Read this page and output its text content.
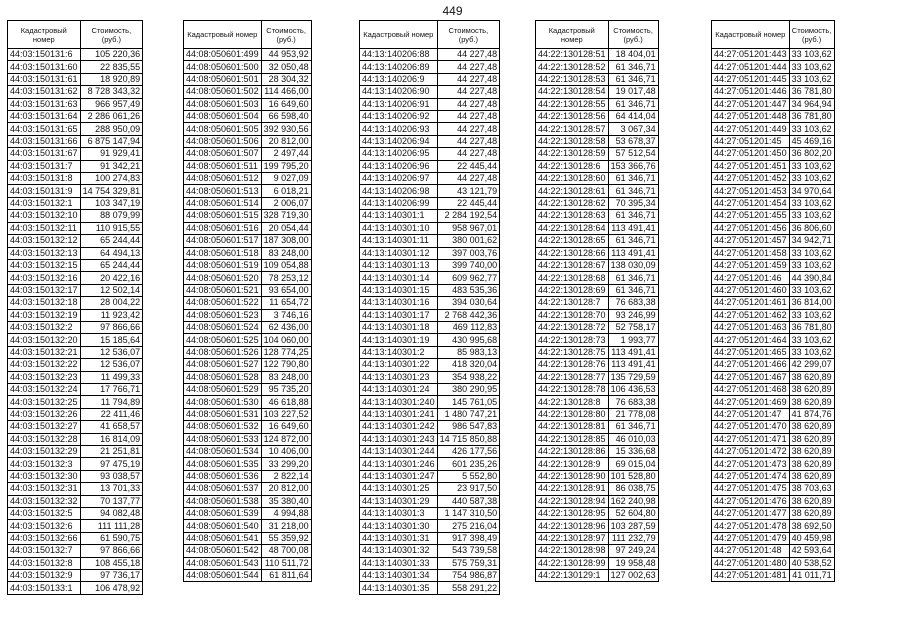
449
Кадастровый номер	Стоимость, (руб.)
44:03:150131:6	105 220,36
44:03:150131:60	22 835,55
44:03:150131:61	18 920,89
44:03:150131:62	8 728 343,32
44:03:150131:63	966 957,49
44:03:150131:64	2 286 061,26
44:03:150131:65	288 950,09
44:03:150131:66	6 875 147,94
44:03:150131:67	91 929,41
44:03:150131:7	91 342,21
44:03:150131:8	100 274,83
44:03:150131:9	14 754 329,81
44:03:150132:1	103 347,19
44:03:150132:10	88 079,99
44:03:150132:11	110 915,55
44:03:150132:12	65 244,44
44:03:150132:13	64 494,13
44:03:150132:15	65 244,44
44:03:150132:16	20 422,16
44:03:150132:17	12 502,14
44:03:150132:18	28 004,22
44:03:150132:19	11 923,42
44:03:150132:2	97 866,66
44:03:150132:20	15 185,64
44:03:150132:21	12 536,07
44:03:150132:22	12 536,07
44:03:150132:23	11 499,33
44:03:150132:24	17 766,71
44:03:150132:25	11 794,89
44:03:150132:26	22 411,46
44:03:150132:27	41 658,57
44:03:150132:28	16 814,09
44:03:150132:29	21 251,81
44:03:150132:3	97 475,19
44:03:150132:30	93 038,57
44:03:150132:31	13 701,33
44:03:150132:32	70 137,77
44:03:150132:5	94 082,48
44:03:150132:6	111 111,28
44:03:150132:66	61 590,75
44:03:150132:7	97 866,66
44:03:150132:8	108 455,18
44:03:150132:9	97 736,17
44:03:150133:1	106 478,92
Кадастровый номер	Стоимость, (руб.)
44:08:050601:499	44 953,92
44:08:050601:500	32 050,48
44:08:050601:501	28 304,32
44:08:050601:502	114 466,00
44:08:050601:503	16 649,60
44:08:050601:504	66 598,40
44:08:050601:505	392 930,56
44:08:050601:506	20 812,00
44:08:050601:507	2 497,44
44:08:050601:511	199 795,20
44:08:050601:512	9 027,09
44:08:050601:513	6 018,21
44:08:050601:514	2 006,07
44:08:050601:515	328 719,30
44:08:050601:516	20 054,44
44:08:050601:517	187 308,00
44:08:050601:518	83 248,00
44:08:050601:519	109 054,88
44:08:050601:520	78 253,12
44:08:050601:521	93 654,00
44:08:050601:522	11 654,72
44:08:050601:523	3 746,16
44:08:050601:524	62 436,00
44:08:050601:525	104 060,00
44:08:050601:526	128 774,25
44:08:050601:527	122 790,80
44:08:050601:528	83 248,00
44:08:050601:529	95 735,20
44:08:050601:530	46 618,88
44:08:050601:531	103 227,52
44:08:050601:532	16 649,60
44:08:050601:533	124 872,00
44:08:050601:534	10 406,00
44:08:050601:535	33 299,20
44:08:050601:536	2 822,14
44:08:050601:537	20 812,00
44:08:050601:538	35 380,40
44:08:050601:539	4 994,88
44:08:050601:540	31 218,00
44:08:050601:541	55 359,92
44:08:050601:542	48 700,08
44:08:050601:543	110 511,72
44:08:050601:544	61 811,64
Кадастровый номер	Стоимость, (руб.)
44:13:140206:88	44 227,48
44:13:140206:89	44 227,48
44:13:140206:9	44 227,48
44:13:140206:90	44 227,48
44:13:140206:91	44 227,48
44:13:140206:92	44 227,48
44:13:140206:93	44 227,48
44:13:140206:94	44 227,48
44:13:140206:95	44 227,48
44:13:140206:96	22 445,44
44:13:140206:97	44 227,48
44:13:140206:98	43 121,79
44:13:140206:99	22 445,44
44:13:140301:1	2 284 192,54
44:13:140301:10	958 967,01
44:13:140301:11	380 001,62
44:13:140301:12	397 003,76
44:13:140301:13	399 740,00
44:13:140301:14	609 962,77
44:13:140301:15	483 535,36
44:13:140301:16	394 030,64
44:13:140301:17	2 768 442,36
44:13:140301:18	469 112,83
44:13:140301:19	430 995,68
44:13:140301:2	85 983,13
44:13:140301:22	418 320,04
44:13:140301:23	354 938,22
44:13:140301:24	380 290,95
44:13:140301:240	145 761,05
44:13:140301:241	1 480 747,21
44:13:140301:242	986 547,83
44:13:140301:243	14 715 850,88
44:13:140301:244	426 177,56
44:13:140301:246	601 235,26
44:13:140301:247	5 552,80
44:13:140301:25	23 917,50
44:13:140301:29	440 587,38
44:13:140301:3	1 147 310,50
44:13:140301:30	275 216,04
44:13:140301:31	917 398,49
44:13:140301:32	543 739,58
44:13:140301:33	575 759,31
44:13:140301:34	754 986,87
44:13:140301:35	558 291,22
Кадастровый номер	Стоимость, (руб.)
44:22:130128:51	18 404,01
44:22:130128:52	61 346,71
44:22:130128:53	61 346,71
44:22:130128:54	19 017,48
44:22:130128:55	61 346,71
44:22:130128:56	64 414,04
44:22:130128:57	3 067,34
44:22:130128:58	53 678,37
44:22:130128:59	57 512,54
44:22:130128:6	153 366,76
44:22:130128:60	61 346,71
44:22:130128:61	61 346,71
44:22:130128:62	70 395,34
44:22:130128:63	61 346,71
44:22:130128:64	113 491,41
44:22:130128:65	61 346,71
44:22:130128:66	113 491,41
44:22:130128:67	138 030,09
44:22:130128:68	61 346,71
44:22:130128:69	61 346,71
44:22:130128:7	76 683,38
44:22:130128:70	93 246,99
44:22:130128:72	52 758,17
44:22:130128:73	1 993,77
44:22:130128:75	113 491,41
44:22:130128:76	113 491,41
44:22:130128:77	135 729,59
44:22:130128:78	106 436,53
44:22:130128:8	76 683,38
44:22:130128:80	21 778,08
44:22:130128:81	61 346,71
44:22:130128:85	46 010,03
44:22:130128:86	15 336,68
44:22:130128:9	69 015,04
44:22:130128:90	101 528,80
44:22:130128:91	86 038,75
44:22:130128:94	162 240,98
44:22:130128:95	52 604,80
44:22:130128:96	103 287,59
44:22:130128:97	111 232,79
44:22:130128:98	97 249,24
44:22:130128:99	19 958,48
44:22:130129:1	127 002,63
Кадастровый номер	Стоимость, (руб.)
44:27:051201:443	33 103,62
44:27:051201:444	33 103,62
44:27:051201:445	33 103,62
44:27:051201:446	36 781,80
44:27:051201:447	34 964,94
44:27:051201:448	36 781,80
44:27:051201:449	33 103,62
44:27:051201:45	45 469,16
44:27:051201:450	36 802,20
44:27:051201:451	33 103,62
44:27:051201:452	33 103,62
44:27:051201:453	34 970,64
44:27:051201:454	33 103,62
44:27:051201:455	33 103,62
44:27:051201:456	36 806,60
44:27:051201:457	34 942,71
44:27:051201:458	33 103,62
44:27:051201:459	33 103,62
44:27:051201:46	44 390,84
44:27:051201:460	33 103,62
44:27:051201:461	36 814,00
44:27:051201:462	33 103,62
44:27:051201:463	36 781,80
44:27:051201:464	33 103,62
44:27:051201:465	33 103,62
44:27:051201:466	42 299,07
44:27:051201:467	38 620,89
44:27:051201:468	38 620,89
44:27:051201:469	38 620,89
44:27:051201:47	41 874,76
44:27:051201:470	38 620,89
44:27:051201:471	38 620,89
44:27:051201:472	38 620,89
44:27:051201:473	38 620,89
44:27:051201:474	38 620,89
44:27:051201:475	38 703,63
44:27:051201:476	38 620,89
44:27:051201:477	38 620,89
44:27:051201:478	38 692,50
44:27:051201:479	40 459,98
44:27:051201:48	42 593,64
44:27:051201:480	40 538,52
44:27:051201:481	41 011,71
